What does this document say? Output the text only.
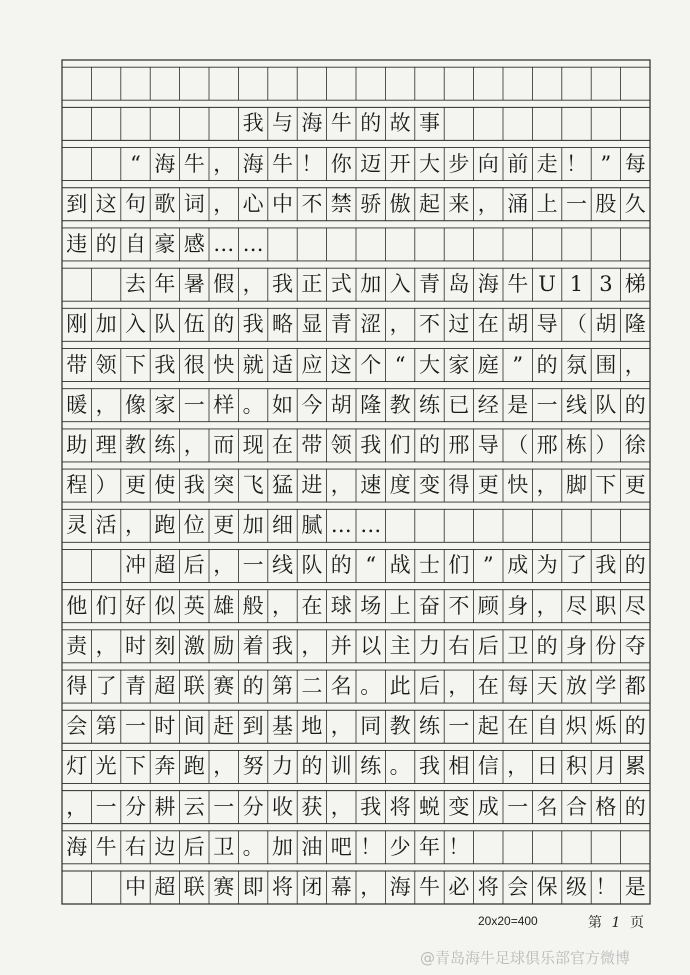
我 与 海 牛 的 故 事
“ 海 牛 ， 海 牛 ！ 你 迈 开 大 步 向 前 走 ！ ” 每
到 这 句 歌 词 ， 心 中 不 禁 骄 傲 起 来 ， 涌 上 一 股 久
违 的 自 豪 感 … …
去 年 暑 假 ， 我 正 式 加 入 青 岛 海 牛 U 1 3 梯
刚 加 入 队 伍 的 我 略 显 青 涩 ， 不 过 在 胡 导 （ 胡 隆
带 领 下 我 很 快 就 适 应 这 个 “ 大 家 庭 ” 的 氛 围 ，
暖 ， 像 家 一 样 。 如 今 胡 隆 教 练 已 经 是 一 线 队 的
助 理 教 练 ， 而 现 在 带 领 我 们 的 邢 导 （ 邢 栋 ） 徐
程 ） 更 使 我 突 飞 猛 进 ， 速 度 变 得 更 快 ， 脚 下 更
灵 活 ， 跑 位 更 加 细 腻 … …
冲 超 后 ， 一 线 队 的 “ 战 士 们 ” 成 为 了 我 的
他 们 好 似 英 雄 般 ， 在 球 场 上 奋 不 顾 身 ， 尽 职 尽
责 ， 时 刻 激 励 着 我 ， 并 以 主 力 右 后 卫 的 身 份 夺
得 了 青 超 联 赛 的 第 二 名 。 此 后 ， 在 每 天 放 学 都
会 第 一 时 间 赶 到 基 地 ， 同 教 练 一 起 在 自 炽 烁 的
灯 光 下 奔 跑 ， 努 力 的 训 练 。 我 相 信 ， 日 积 月 累
， 一 分 耕 云 一 分 收 获 ， 我 将 蜕 变 成 一 名 合 格 的
海 牛 右 边 后 卫 。 加 油 吧 ！ 少 年 ！
中 超 联 赛 即 将 闭 幕 ， 海 牛 必 将 会 保 级 ！ 是
20x20=400	第 1 页
@青岛海牛足球俱乐部官方微博
